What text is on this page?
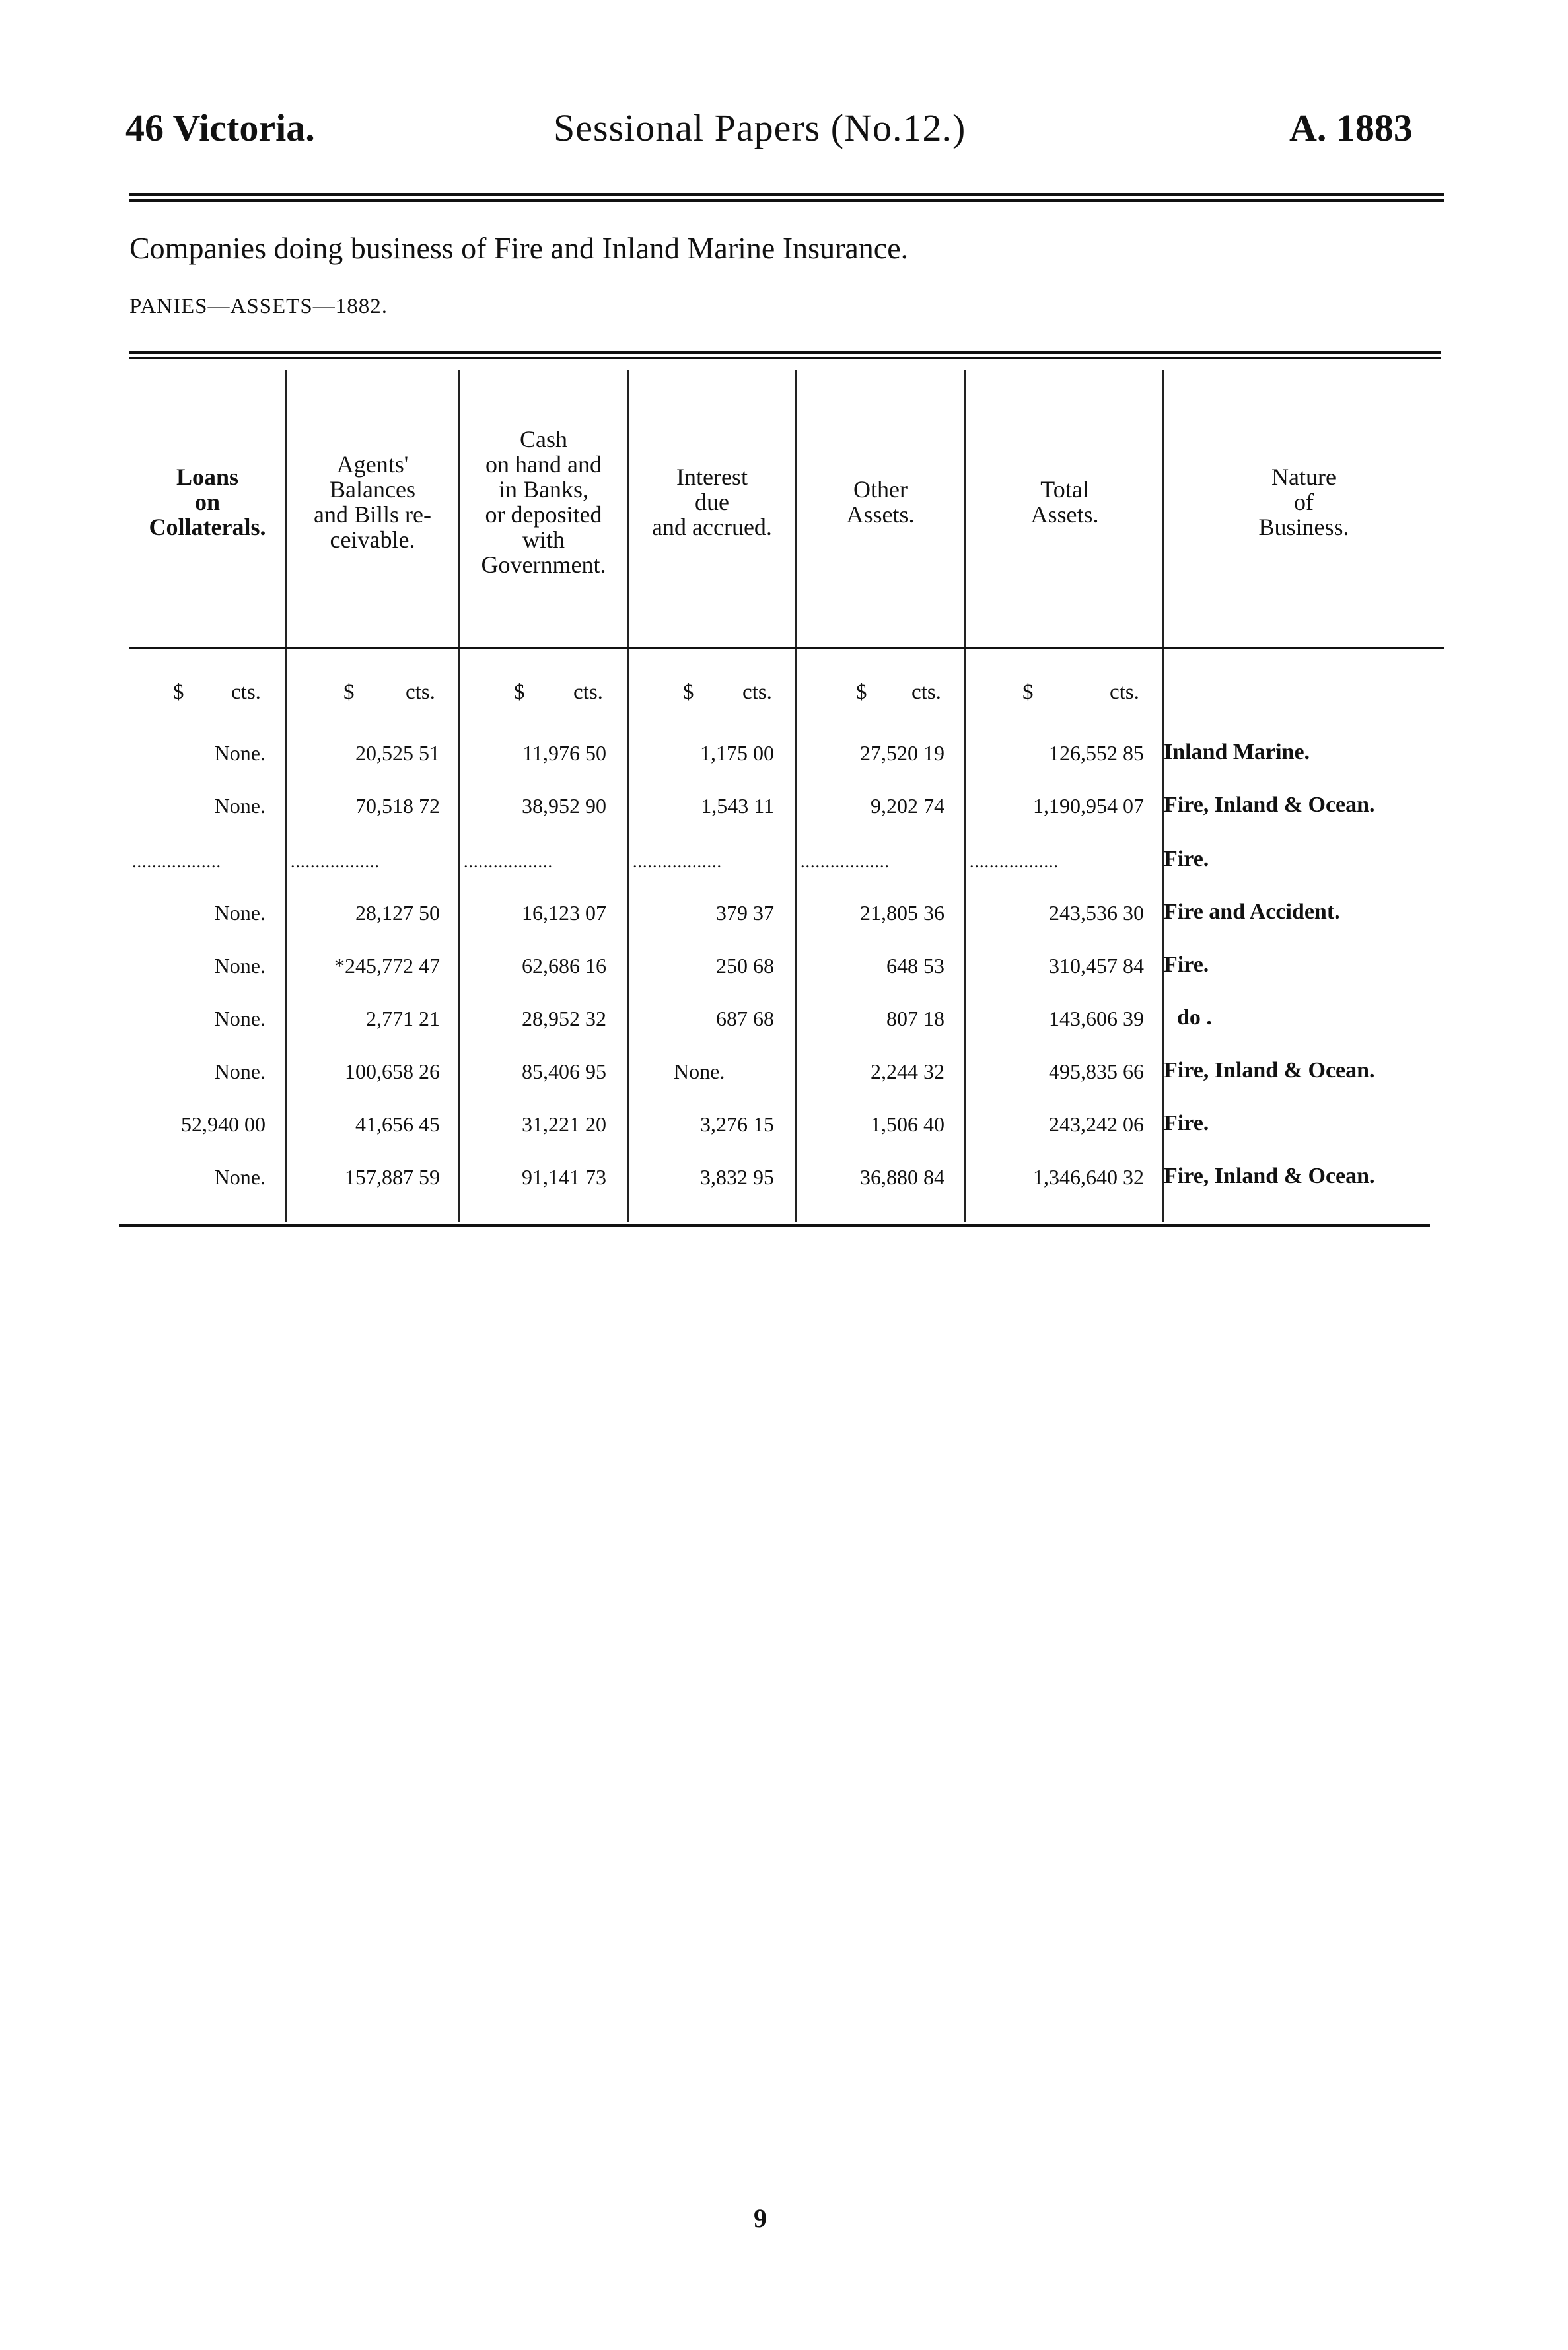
46 Victoria.	Sessional Papers (No.12.)	A. 1883
Companies doing business of Fire and Inland Marine Insurance.
PANIES—ASSETS—1882.
Loans
on
Collaterals.
Agents'
Balances
and Bills re-
ceivable.
Cash
on hand and
in Banks,
or deposited
with
Government.
Interest
due
and accrued.
Other
Assets.
Total
Assets.
Nature
of
Business.
$ cts.	$ cts.	$ cts.	$ cts.	$ cts.	$	cts.
None.	20,525 51	11,976 50	1,175 00	27,520 19	126,552 85 Inland Marine.
None.	70,518 72	38,952 90	1,543 11	9,202 74	1,190,954 07 Fire, Inland & Ocean.
..................	..................	..................	..................	..................	..................	Fire.
None.	28,127 50	16,123 07	379 37	21,805 36	243,536 30 Fire and Accident.
None.	*245,772 47	62,686 16	250 68	648 53	310,457 84 Fire.
None.	2,771 21	28,952 32	687 68	807 18	143,606 39 do .
None.	100,658 26	85,406 95	None.	2,244 32	495,835 66 Fire, Inland & Ocean.
52,940 00	41,656 45	31,221 20	3,276 15	1,506 40	243,242 06 Fire.
None.	157,887 59	91,141 73	3,832 95	36,880 84	1,346,640 32 Fire, Inland & Ocean.
9
